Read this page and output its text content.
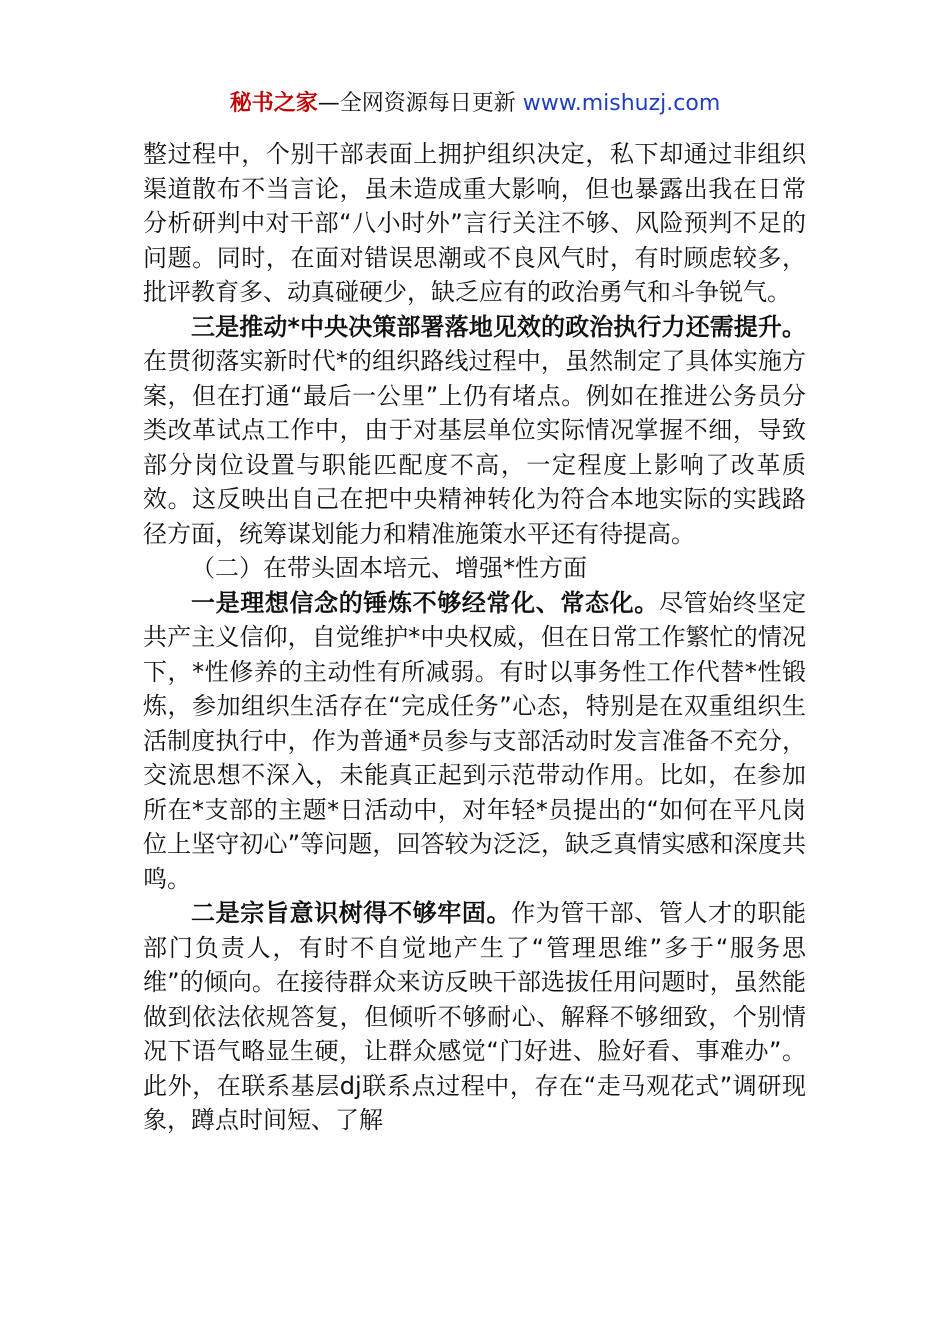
秘书之家—全网资源每日更新 www.mishuzj.com

整过程中，个别干部表面上拥护组织决定，私下却通过非组织渠道散布不当言论，虽未造成重大影响，但也暴露出我在日常分析研判中对干部“八小时外”言行关注不够、风险预判不足的问题。同时，在面对错误思潮或不良风气时，有时顾虑较多，批评教育多、动真碰硬少，缺乏应有的政治勇气和斗争锐气。

三是推动*中央决策部署落地见效的政治执行力还需提升。在贯彻落实新时代*的组织路线过程中，虽然制定了具体实施方案，但在打通“最后一公里”上仍有堵点。例如在推进公务员分类改革试点工作中，由于对基层单位实际情况掌握不细，导致部分岗位设置与职能匹配度不高，一定程度上影响了改革质效。这反映出自己在把中央精神转化为符合本地实际的实践路径方面，统筹谋划能力和精准施策水平还有待提高。

（二）在带头固本培元、增强*性方面

一是理想信念的锤炼不够经常化、常态化。尽管始终坚定共产主义信仰，自觉维护*中央权威，但在日常工作繁忙的情况下，*性修养的主动性有所减弱。有时以事务性工作代替*性锻炼，参加组织生活存在“完成任务”心态，特别是在双重组织生活制度执行中，作为普通*员参与支部活动时发言准备不充分，交流思想不深入，未能真正起到示范带动作用。比如，在参加所在*支部的主题*日活动中，对年轻*员提出的“如何在平凡岗位上坚守初心”等问题，回答较为泛泛，缺乏真情实感和深度共鸣。

二是宗旨意识树得不够牢固。作为管干部、管人才的职能部门负责人，有时不自觉地产生了“管理思维”多于“服务思维”的倾向。在接待群众来访反映干部选拔任用问题时，虽然能做到依法依规答复，但倾听不够耐心、解释不够细致，个别情况下语气略显生硬，让群众感觉“门好进、脸好看、事难办”。此外，在联系基层dj联系点过程中，存在“走马观花式”调研现象，蹲点时间短、了解
